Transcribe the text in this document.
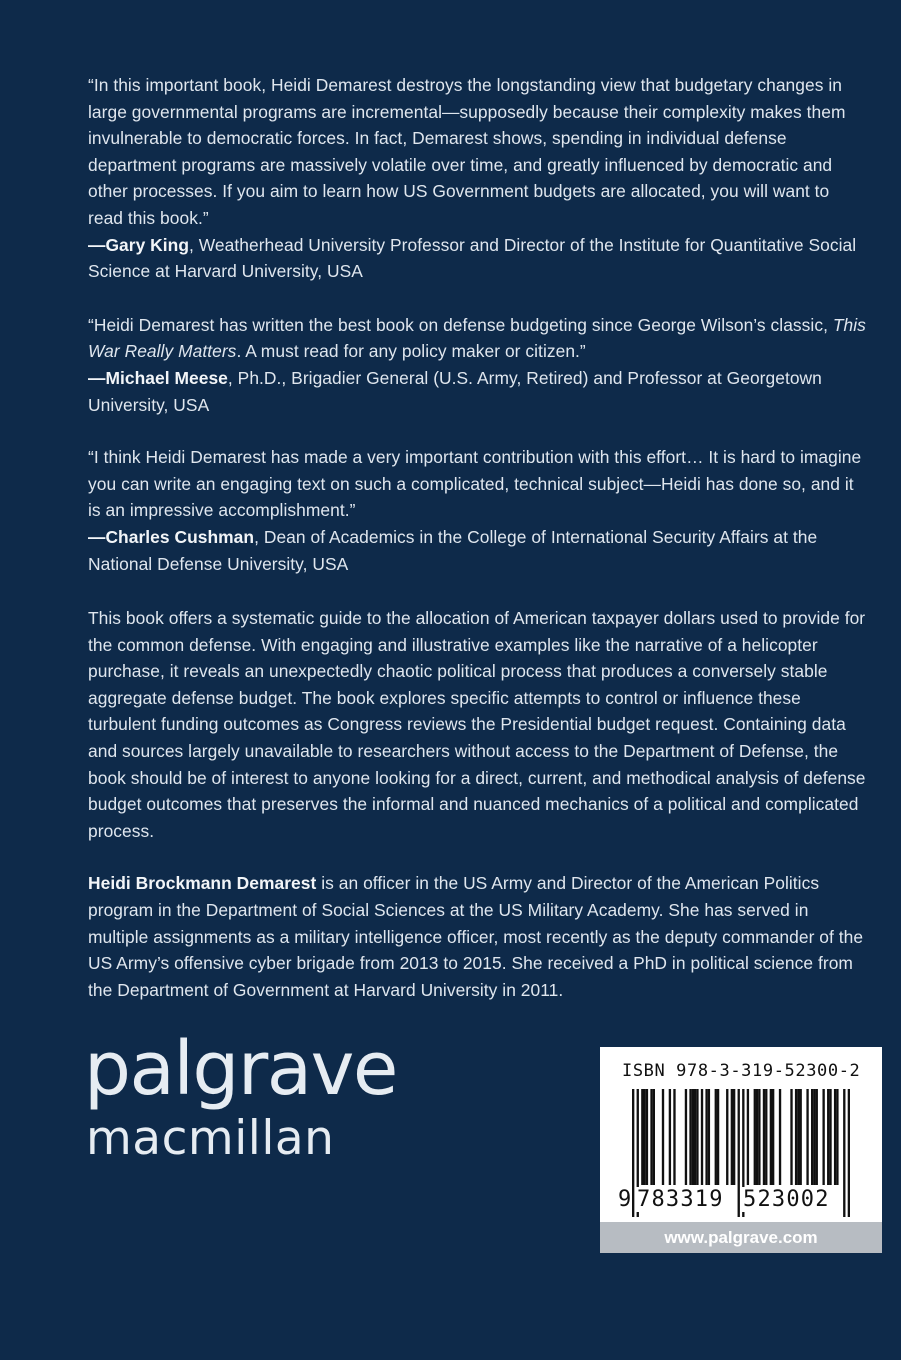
“In this important book, Heidi Demarest destroys the longstanding view that budgetary changes in large governmental programs are incremental—supposedly because their complexity makes them invulnerable to democratic forces. In fact, Demarest shows, spending in individual defense department programs are massively volatile over time, and greatly influenced by democratic and other processes. If you aim to learn how US Government budgets are allocated, you will want to read this book.”

—Gary King, Weatherhead University Professor and Director of the Institute for Quantitative Social Science at Harvard University, USA

“Heidi Demarest has written the best book on defense budgeting since George Wilson’s classic, This War Really Matters. A must read for any policy maker or citizen.”

—Michael Meese, Ph.D., Brigadier General (U.S. Army, Retired) and Professor at Georgetown University, USA

“I think Heidi Demarest has made a very important contribution with this effort… It is hard to imagine you can write an engaging text on such a complicated, technical subject—Heidi has done so, and it is an impressive accomplishment.”

—Charles Cushman, Dean of Academics in the College of International Security Affairs at the National Defense University, USA

This book offers a systematic guide to the allocation of American taxpayer dollars used to provide for the common defense. With engaging and illustrative examples like the narrative of a helicopter purchase, it reveals an unexpectedly chaotic political process that produces a conversely stable aggregate defense budget. The book explores specific attempts to control or influence these turbulent funding outcomes as Congress reviews the Presidential budget request. Containing data and sources largely unavailable to researchers without access to the Department of Defense, the book should be of interest to anyone looking for a direct, current, and methodical analysis of defense budget outcomes that preserves the informal and nuanced mechanics of a political and complicated process.

Heidi Brockmann Demarest is an officer in the US Army and Director of the American Politics program in the Department of Social Sciences at the US Military Academy. She has served in multiple assignments as a military intelligence officer, most recently as the deputy commander of the US Army’s offensive cyber brigade from 2013 to 2015. She received a PhD in political science from the Department of Government at Harvard University in 2011.

palgrave
macmillan
ISBN 978-3-319-52300-2
9 783319 523002
www.palgrave.com
